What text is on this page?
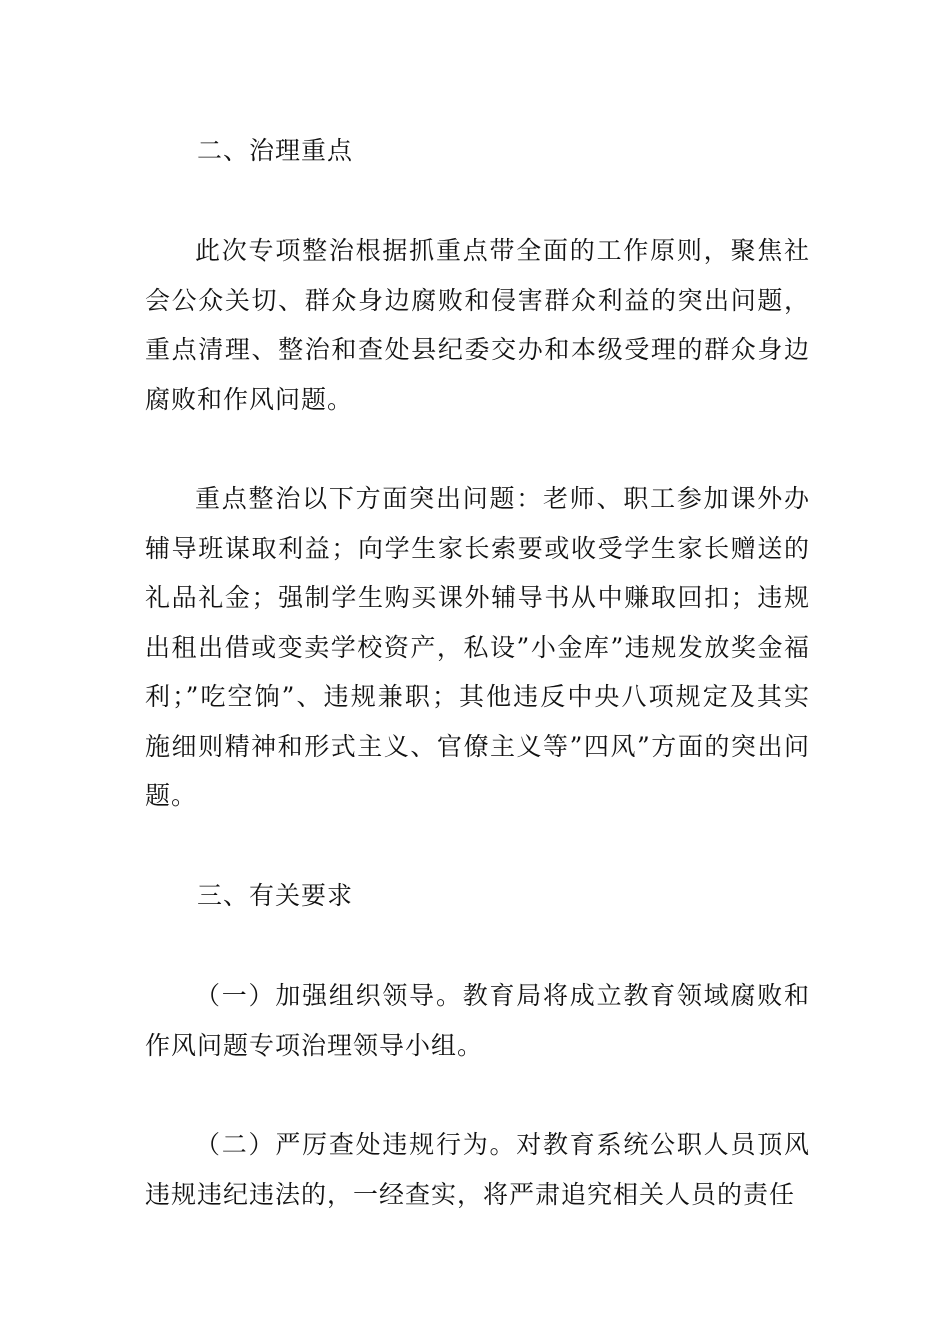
二、治理重点

此次专项整治根据抓重点带全面的工作原则，聚焦社会公众关切、群众身边腐败和侵害群众利益的突出问题，重点清理、整治和查处县纪委交办和本级受理的群众身边腐败和作风问题。

重点整治以下方面突出问题：老师、职工参加课外办辅导班谋取利益；向学生家长索要或收受学生家长赠送的礼品礼金；强制学生购买课外辅导书从中赚取回扣；违规出租出借或变卖学校资产，私设”小金库”违规发放奖金福利；”吃空饷”、违规兼职；其他违反中央八项规定及其实施细则精神和形式主义、官僚主义等”四风”方面的突出问题。

三、有关要求

（一）加强组织领导。教育局将成立教育领域腐败和作风问题专项治理领导小组。

（二）严厉查处违规行为。对教育系统公职人员顶风违规违纪违法的，一经查实，将严肃追究相关人员的责任
